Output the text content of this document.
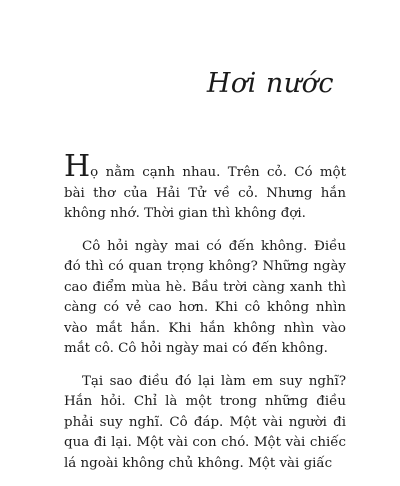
Hơi nước

Họ nằm cạnh nhau. Trên cỏ. Có một bài thơ của Hải Tử về cỏ. Nhưng hắn không nhớ. Thời gian thì không đợi.

Cô hỏi ngày mai có đến không. Điều đó thì có quan trọng không? Những ngày cao điểm mùa hè. Bầu trời càng xanh thì càng có vẻ cao hơn. Khi cô không nhìn vào mắt hắn. Khi hắn không nhìn vào mắt cô. Cô hỏi ngày mai có đến không.

Tại sao điều đó lại làm em suy nghĩ? Hắn hỏi. Chỉ là một trong những điều phải suy nghĩ. Cô đáp. Một vài người đi qua đi lại. Một vài con chó. Một vài chiếc lá ngoài không chủ không. Một vài giấc
